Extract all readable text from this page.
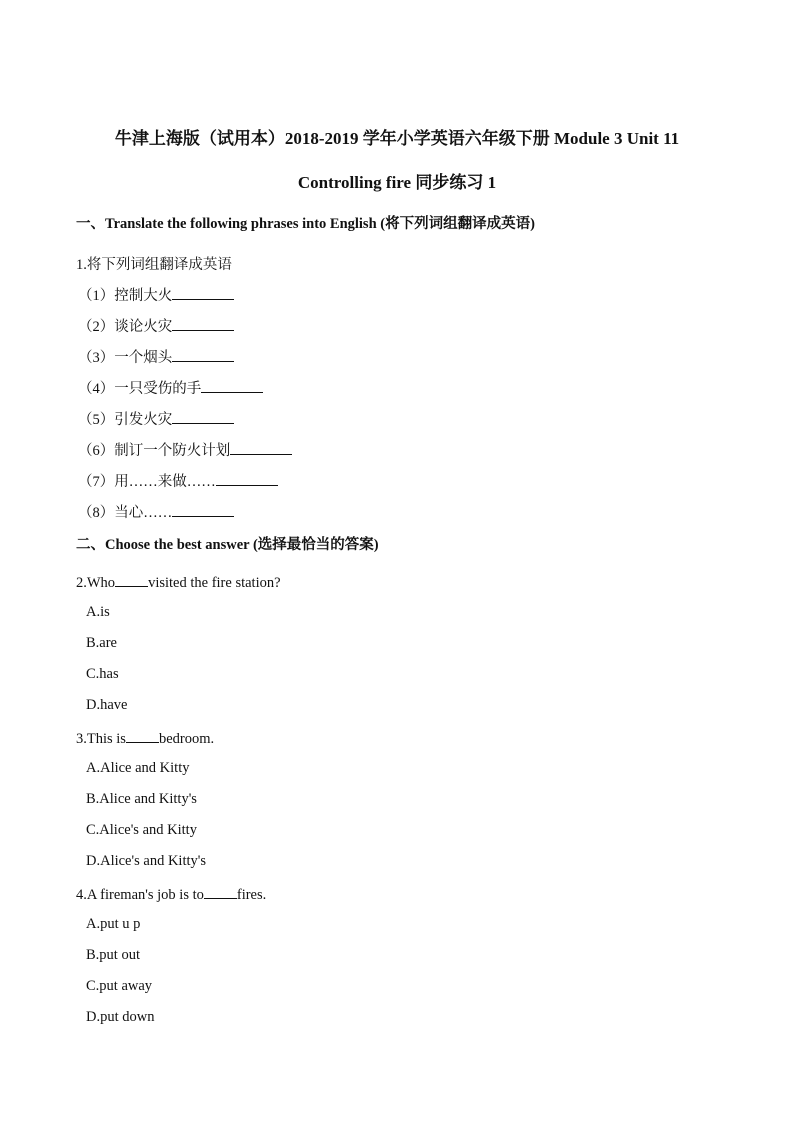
牛津上海版（试用本）2018-2019 学年小学英语六年级下册 Module 3 Unit 11
Controlling fire 同步练习 1
一、Translate the following phrases into English (将下列词组翻译成英语)
1.将下列词组翻译成英语
（1）控制大火
（2）谈论火灾
（3）一个烟头
（4）一只受伤的手
（5）引发火灾
（6）制订一个防火计划
（7）用……来做……
（8）当心……
二、Choose the best answer (选择最恰当的答案)
2.Who visited the fire station?
A.is
B.are
C.has
D.have
3.This is bedroom.
A.Alice and Kitty
B.Alice and Kitty's
C.Alice's and Kitty
D.Alice's and Kitty's
4.A fireman's job is to fires.
A.put u p
B.put out
C.put away
D.put down
